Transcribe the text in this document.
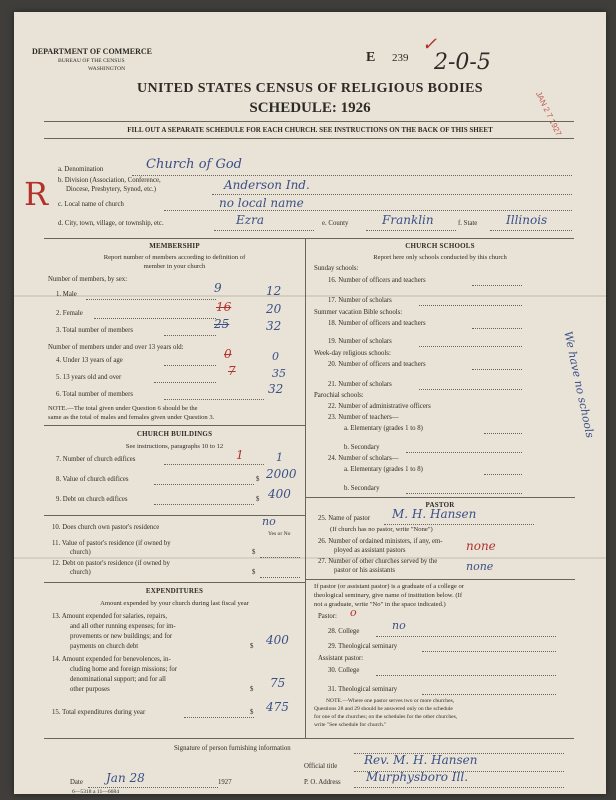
DEPARTMENT OF COMMERCE
BUREAU OF THE CENSUS
WASHINGTON
E 239
✓
2-0-5
JAN 2 7 1927
UNITED STATES CENSUS OF RELIGIOUS BODIES
SCHEDULE: 1926
FILL OUT A SEPARATE SCHEDULE FOR EACH CHURCH. SEE INSTRUCTIONS ON THE BACK OF THIS SHEET
R
a. Denomination	Church of God
b. Division (Association, Conference,
Diocese, Presbytery, Synod, etc.)	Anderson Ind.
c. Local name of church	no local name
d. City, town, village, or township, etc.	Ezra	e. County	Franklin	f. State Illinois
MEMBERSHIP
Report number of members according to definition of
member in your church
Number of members, by sex:
1. Male	9	12
2. Female	16	20
3. Total number of members	25	32
Number of members under and over 13 years old:
4. Under 13 years of age	0	0
5. 13 years old and over	7	35
6. Total number of members	32
NOTE.—The total given under Question 6 should be the
same as the total of males and females given under Question 3.
CHURCH BUILDINGS
See instructions, paragraphs 10 to 12
7. Number of church edifices	1	1
8. Value of church edifices	$ 2000
9. Debt on church edifices	$ 400
10. Does church own pastor's residence	no
Yes or No
11. Value of pastor's residence (if owned by
church)	$
12. Debt on pastor's residence (if owned by
church)	$
EXPENDITURES
Amount expended by your church during last fiscal year
13. Amount expended for salaries, repairs,
and all other running expenses; for im-
provements or new buildings; and for
payments on church debt	$ 400
14. Amount expended for benevolences, in-
cluding home and foreign missions; for
denominational support; and for all
other purposes	$ 75
15. Total expenditures during year	$ 475
CHURCH SCHOOLS
Report here only schools conducted by this church
Sunday schools:
16. Number of officers and teachers
17. Number of scholars
Summer vacation Bible schools:
18. Number of officers and teachers
19. Number of scholars
Week-day religious schools:
20. Number of officers and teachers
21. Number of scholars
Parochial schools:
22. Number of administrative officers
23. Number of teachers—
a. Elementary (grades 1 to 8)
b. Secondary
24. Number of scholars—
a. Elementary (grades 1 to 8)
b. Secondary
We have no schools
PASTOR
25. Name of pastor M. H. Hansen
(If church has no pastor, write "None")
26. Number of ordained ministers, if any, em-
ployed as assistant pastors	none
27. Number of other churches served by the
pastor or his assistants	none
If pastor (or assistant pastor) is a graduate of a college or
theological seminary, give name of institution below. (If
not a graduate, write "No" in the space indicated.)
Pastor: o
28. College	no
29. Theological seminary
Assistant pastor:
30. College
31. Theological seminary
NOTE.—Where one pastor serves two or more churches,
Questions 28 and 29 should be answered only on the schedule
for one of the churches; on the schedules for the other churches,
write "See schedule for church."
Signature of person furnishing information
Official title Rev. M. H. Hansen
Date Jan 28	1927	P. O. Address Murphysboro Ill.
6—5318 a 11—6684
